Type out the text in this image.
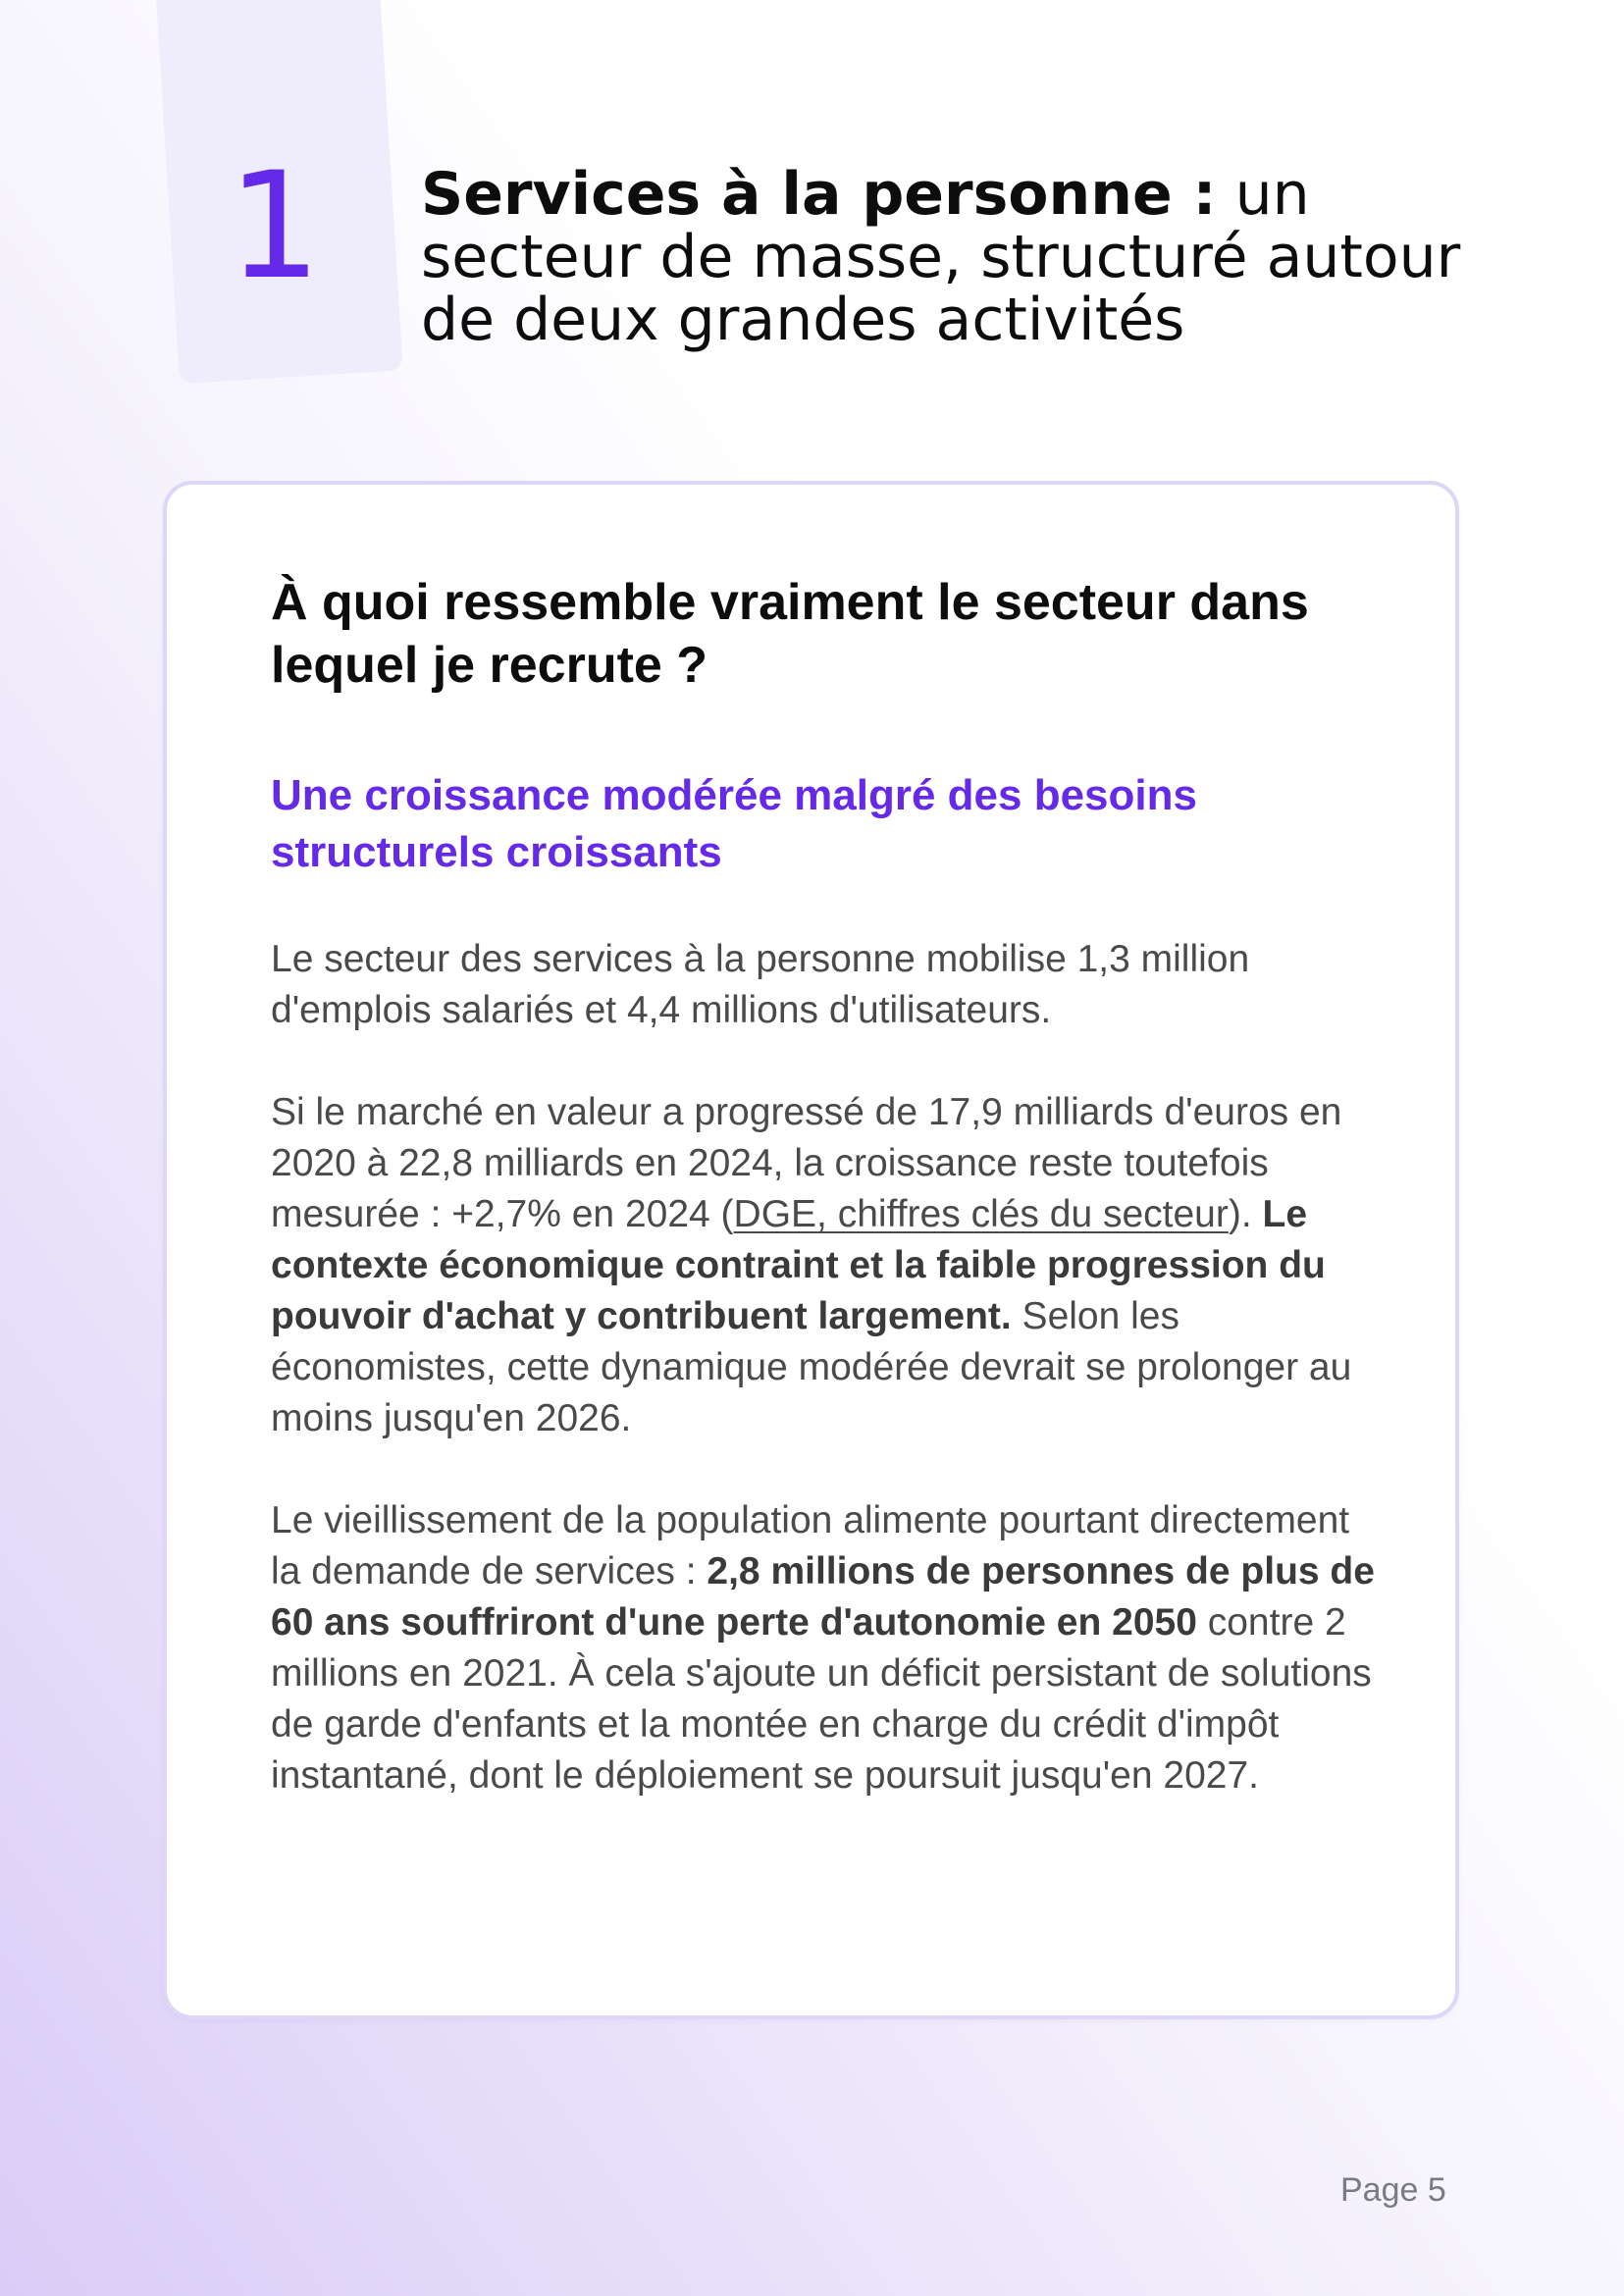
1 Services à la personne : un secteur de masse, structuré autour de deux grandes activités
À quoi ressemble vraiment le secteur dans lequel je recrute ?
Une croissance modérée malgré des besoins structurels croissants

Le secteur des services à la personne mobilise 1,3 million d'emplois salariés et 4,4 millions d'utilisateurs.

Si le marché en valeur a progressé de 17,9 milliards d'euros en 2020 à 22,8 milliards en 2024, la croissance reste toutefois mesurée : +2,7% en 2024 (DGE, chiffres clés du secteur). Le contexte économique contraint et la faible progression du pouvoir d'achat y contribuent largement. Selon les économistes, cette dynamique modérée devrait se prolonger au moins jusqu'en 2026.

Le vieillissement de la population alimente pourtant directement la demande de services : 2,8 millions de personnes de plus de 60 ans souffriront d'une perte d'autonomie en 2050 contre 2 millions en 2021. À cela s'ajoute un déficit persistant de solutions de garde d'enfants et la montée en charge du crédit d'impôt instantané, dont le déploiement se poursuit jusqu'en 2027.

Page 5
